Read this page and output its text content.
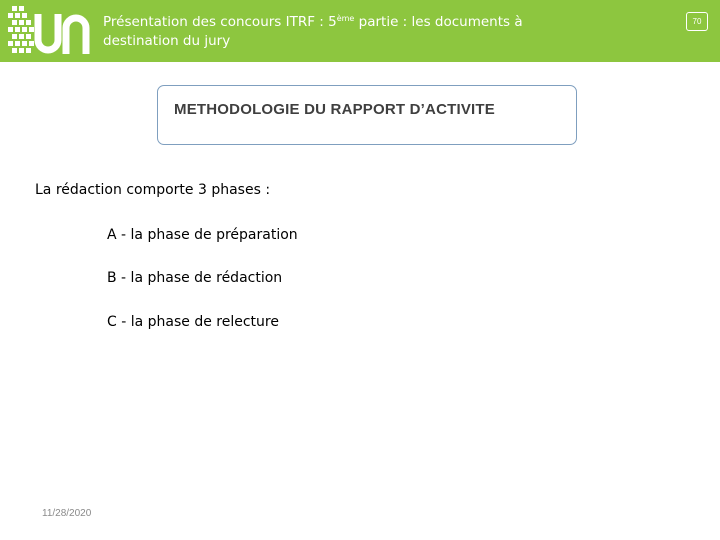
Présentation des concours ITRF : 5ème partie : les documents à
destination du jury
70
METHODOLOGIE DU RAPPORT D’ACTIVITE
La rédaction comporte 3 phases :
A - la phase de préparation
B - la phase de rédaction
C - la phase de relecture
11/28/2020
